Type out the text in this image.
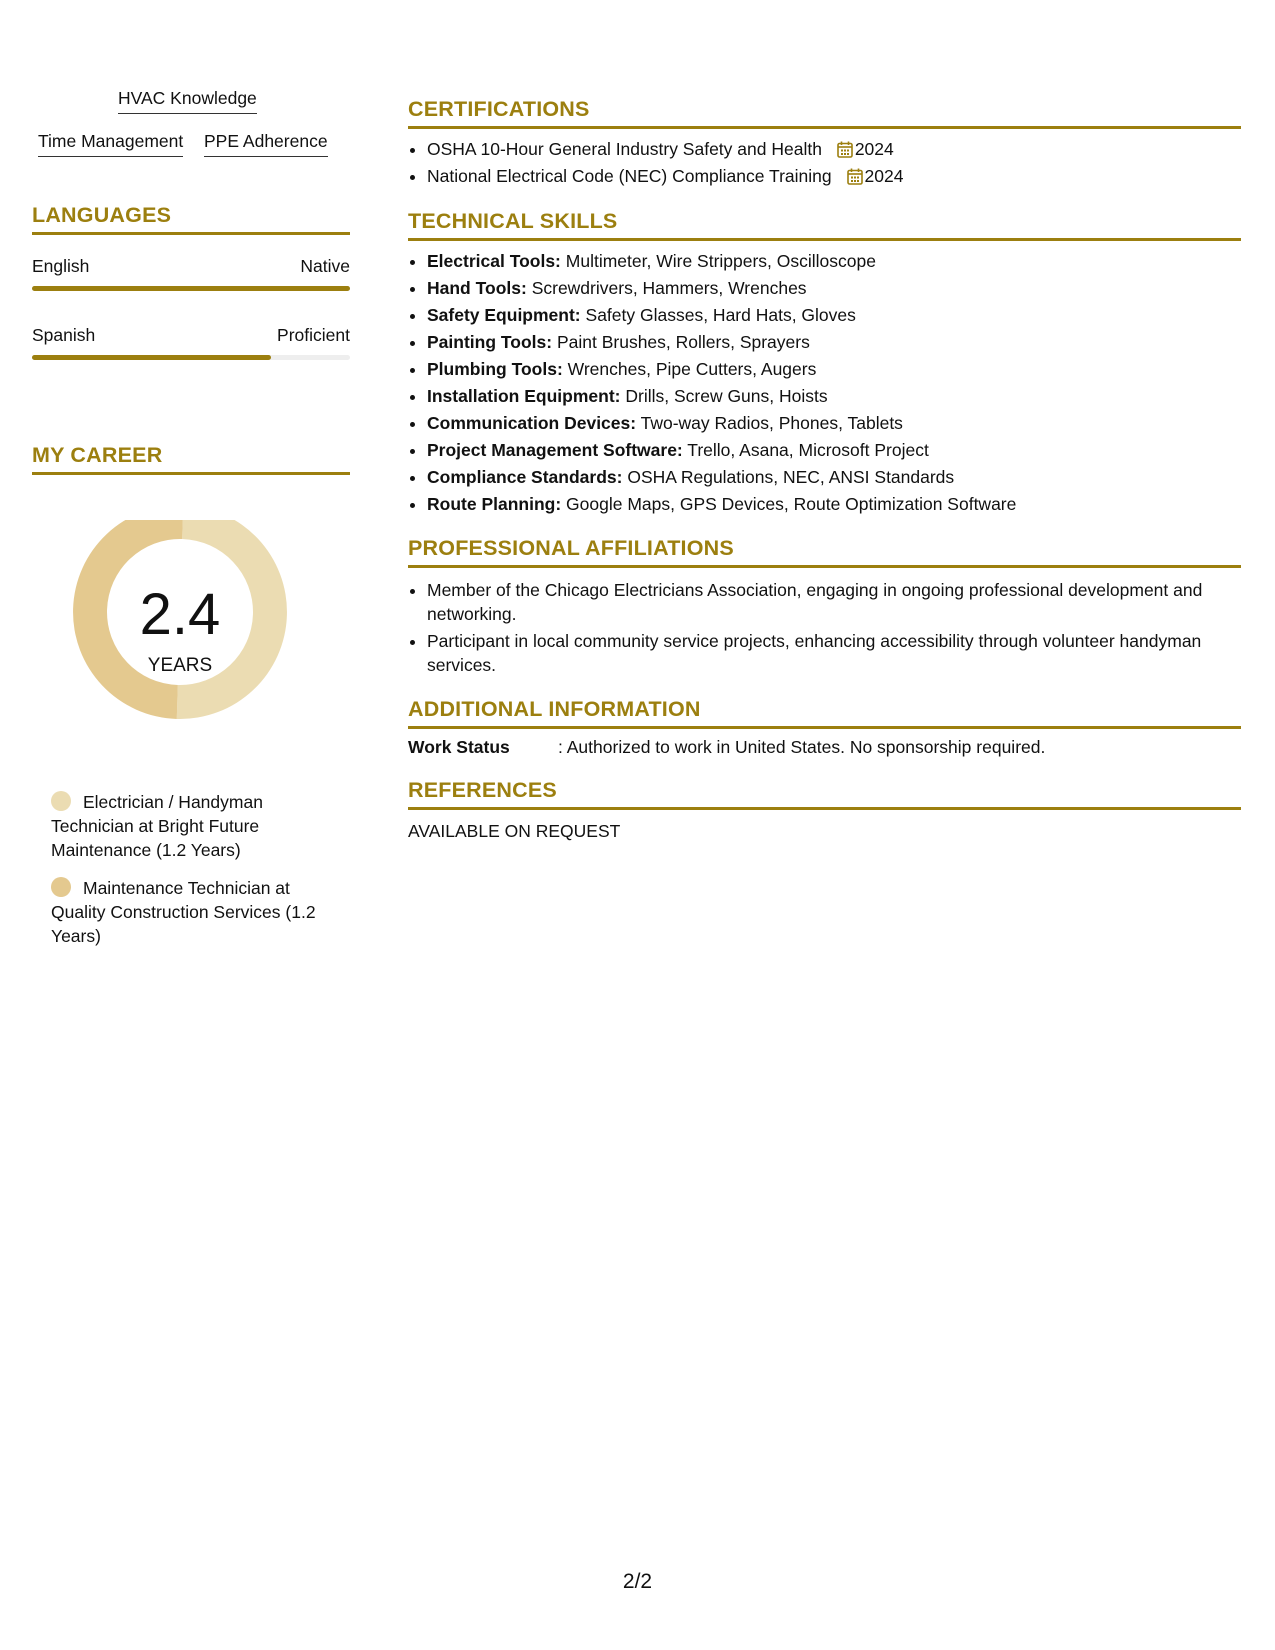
HVAC Knowledge
Time Management PPE Adherence
LANGUAGES
English	Native
Spanish	Proficient
MY CAREER
2.4
YEARS
Electrician / Handyman Technician at Bright Future Maintenance (1.2 Years)
Maintenance Technician at Quality Construction Services (1.2 Years)
CERTIFICATIONS
• OSHA 10-Hour General Industry Safety and Health 2024
• National Electrical Code (NEC) Compliance Training 2024
TECHNICAL SKILLS
• Electrical Tools: Multimeter, Wire Strippers, Oscilloscope
• Hand Tools: Screwdrivers, Hammers, Wrenches
• Safety Equipment: Safety Glasses, Hard Hats, Gloves
• Painting Tools: Paint Brushes, Rollers, Sprayers
• Plumbing Tools: Wrenches, Pipe Cutters, Augers
• Installation Equipment: Drills, Screw Guns, Hoists
• Communication Devices: Two-way Radios, Phones, Tablets
• Project Management Software: Trello, Asana, Microsoft Project
• Compliance Standards: OSHA Regulations, NEC, ANSI Standards
• Route Planning: Google Maps, GPS Devices, Route Optimization Software
PROFESSIONAL AFFILIATIONS
• Member of the Chicago Electricians Association, engaging in ongoing professional development and networking.
• Participant in local community service projects, enhancing accessibility through volunteer handyman services.
ADDITIONAL INFORMATION
Work Status	: Authorized to work in United States. No sponsorship required.
REFERENCES
AVAILABLE ON REQUEST
2/2
